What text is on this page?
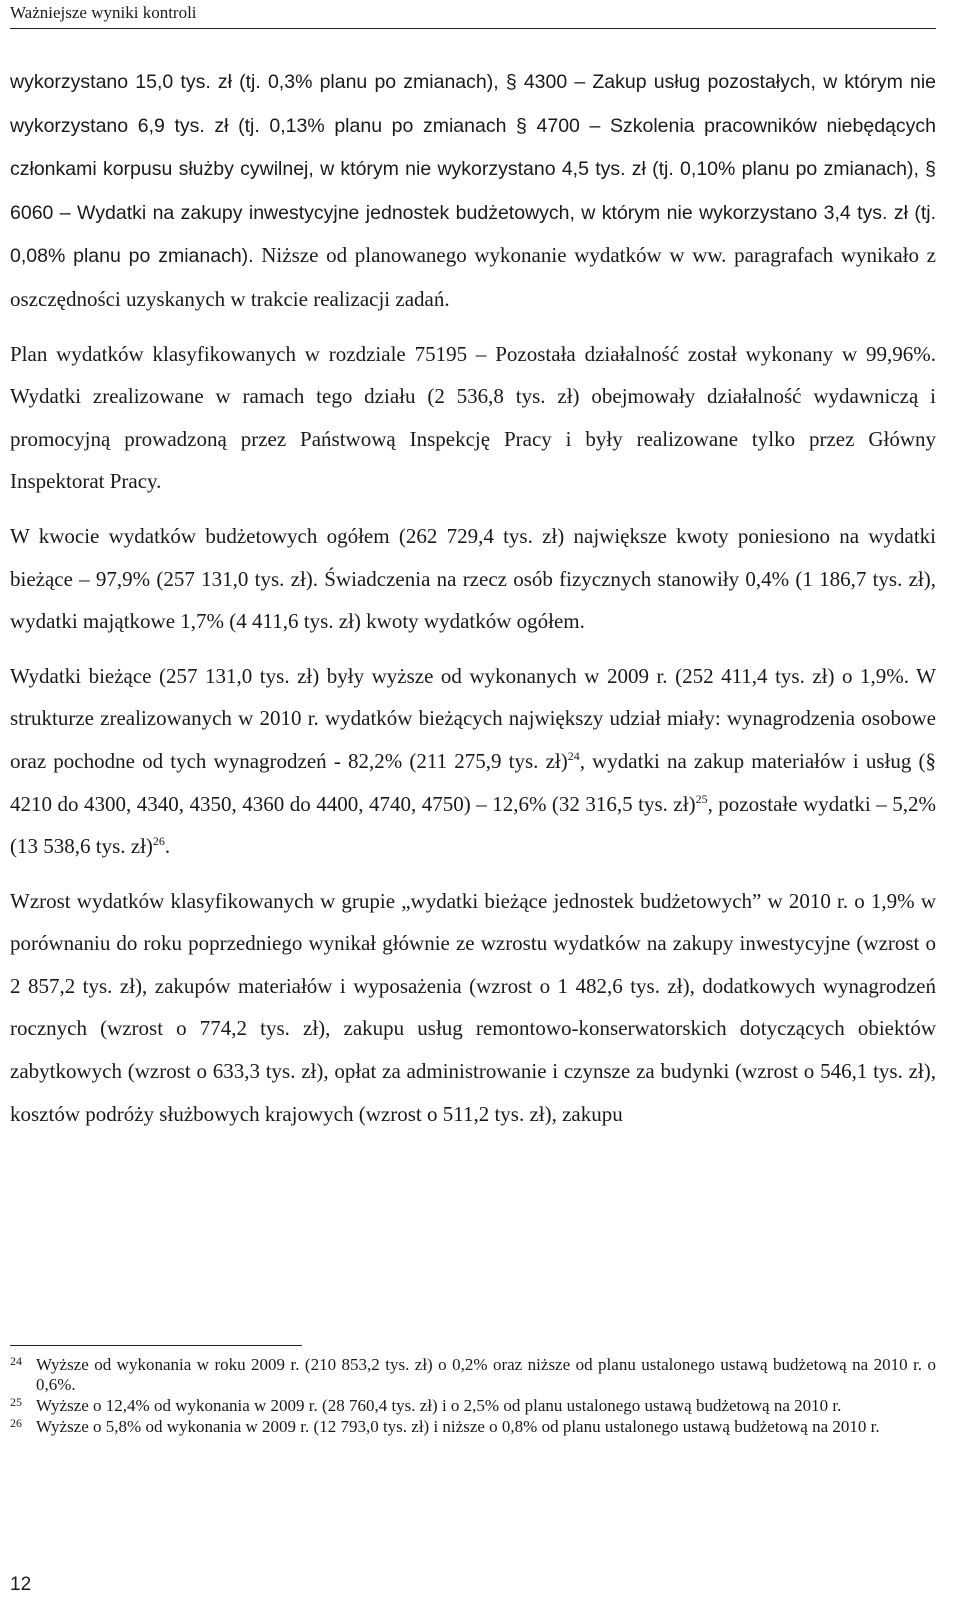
Ważniejsze wyniki kontroli

wykorzystano 15,0 tys. zł (tj. 0,3% planu po zmianach), § 4300 – Zakup usług pozostałych, w którym nie wykorzystano 6,9 tys. zł (tj. 0,13% planu po zmianach § 4700 – Szkolenia pracowników niebędących członkami korpusu służby cywilnej, w którym nie wykorzystano 4,5 tys. zł (tj. 0,10% planu po zmianach), § 6060 – Wydatki na zakupy inwestycyjne jednostek budżetowych, w którym nie wykorzystano 3,4 tys. zł (tj. 0,08% planu po zmianach). Niższe od planowanego wykonanie wydatków w ww. paragrafach wynikało z oszczędności uzyskanych w trakcie realizacji zadań.

Plan wydatków klasyfikowanych w rozdziale 75195 – Pozostała działalność został wykonany w 99,96%. Wydatki zrealizowane w ramach tego działu (2 536,8 tys. zł) obejmowały działalność wydawniczą i promocyjną prowadzoną przez Państwową Inspekcję Pracy i były realizowane tylko przez Główny Inspektorat Pracy.

W kwocie wydatków budżetowych ogółem (262 729,4 tys. zł) największe kwoty poniesiono na wydatki bieżące – 97,9% (257 131,0 tys. zł). Świadczenia na rzecz osób fizycznych stanowiły 0,4% (1 186,7 tys. zł), wydatki majątkowe 1,7% (4 411,6 tys. zł) kwoty wydatków ogółem.

Wydatki bieżące (257 131,0 tys. zł) były wyższe od wykonanych w 2009 r. (252 411,4 tys. zł) o 1,9%. W strukturze zrealizowanych w 2010 r. wydatków bieżących największy udział miały: wynagrodzenia osobowe oraz pochodne od tych wynagrodzeń - 82,2% (211 275,9 tys. zł)$^{24}$, wydatki na zakup materiałów i usług (§ 4210 do 4300, 4340, 4350, 4360 do 4400, 4740, 4750) – 12,6% (32 316,5 tys. zł)$^{25}$, pozostałe wydatki – 5,2% (13 538,6 tys. zł)$^{26}$.

Wzrost wydatków klasyfikowanych w grupie „wydatki bieżące jednostek budżetowych” w 2010 r. o 1,9% w porównaniu do roku poprzedniego wynikał głównie ze wzrostu wydatków na zakupy inwestycyjne (wzrost o 2 857,2 tys. zł), zakupów materiałów i wyposażenia (wzrost o 1 482,6 tys. zł), dodatkowych wynagrodzeń rocznych (wzrost o 774,2 tys. zł), zakupu usług remontowo-konserwatorskich dotyczących obiektów zabytkowych (wzrost o 633,3 tys. zł), opłat za administrowanie i czynsze za budynki (wzrost o 546,1 tys. zł), kosztów podróży służbowych krajowych (wzrost o 511,2 tys. zł), zakupu

24 Wyższe od wykonania w roku 2009 r. (210 853,2 tys. zł) o 0,2% oraz niższe od planu ustalonego ustawą budżetową na 2010 r. o 0,6%.
25 Wyższe o 12,4% od wykonania w 2009 r. (28 760,4 tys. zł) i o 2,5% od planu ustalonego ustawą budżetową na 2010 r.
26 Wyższe o 5,8% od wykonania w 2009 r. (12 793,0 tys. zł) i niższe o 0,8% od planu ustalonego ustawą budżetową na 2010 r.
12
